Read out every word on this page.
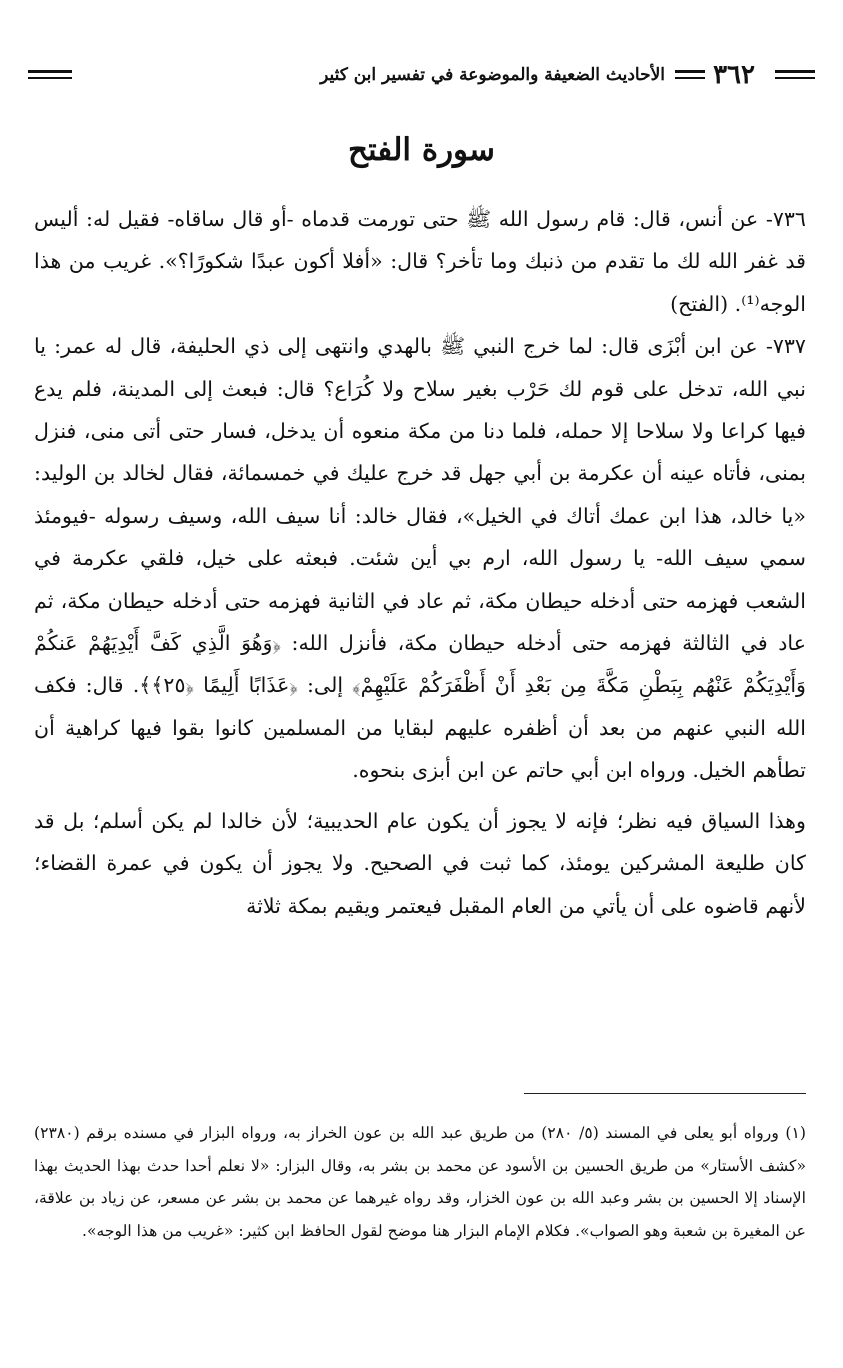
٣٦٢
الأحاديث الضعيفة والموضوعة في تفسير ابن كثير
سورة الفتح

٧٣٦- عن أنس، قال: قام رسول الله ﷺ حتى تورمت قدماه -أو قال ساقاه- فقيل له: أليس قد غفر الله لك ما تقدم من ذنبك وما تأخر؟ قال: «أفلا أكون عبدًا شكورًا؟». غريب من هذا الوجه⁽¹⁾. (الفتح)

٧٣٧- عن ابن أبْزَى قال: لما خرج النبي ﷺ بالهدي وانتهى إلى ذي الحليفة، قال له عمر: يا نبي الله، تدخل على قوم لك حَرْب بغير سلاح ولا كُرَاع؟ قال: فبعث إلى المدينة، فلم يدع فيها كراعا ولا سلاحا إلا حمله، فلما دنا من مكة منعوه أن يدخل، فسار حتى أتى منى، فنزل بمنى، فأتاه عينه أن عكرمة بن أبي جهل قد خرج عليك في خمسمائة، فقال لخالد بن الوليد: «يا خالد، هذا ابن عمك أتاك في الخيل»، فقال خالد: أنا سيف الله، وسيف رسوله -فيومئذ سمي سيف الله- يا رسول الله، ارم بي أين شئت. فبعثه على خيل، فلقي عكرمة في الشعب فهزمه حتى أدخله حيطان مكة، ثم عاد في الثانية فهزمه حتى أدخله حيطان مكة، ثم عاد في الثالثة فهزمه حتى أدخله حيطان مكة، فأنزل الله: ﴿وَهُوَ الَّذِي كَفَّ أَيْدِيَهُمْ عَنكُمْ وَأَيْدِيَكُمْ عَنْهُم بِبَطْنِ مَكَّةَ مِن بَعْدِ أَنْ أَظْفَرَكُمْ عَلَيْهِمْ﴾ إلى: ﴿عَذَابًا أَلِيمًا ﴿٢٥﴾﴾. قال: فكف الله النبي عنهم من بعد أن أظفره عليهم لبقايا من المسلمين كانوا بقوا فيها كراهية أن تطأهم الخيل. ورواه ابن أبي حاتم عن ابن أبزى بنحوه.

وهذا السياق فيه نظر؛ فإنه لا يجوز أن يكون عام الحديبية؛ لأن خالدا لم يكن أسلم؛ بل قد كان طليعة المشركين يومئذ، كما ثبت في الصحيح. ولا يجوز أن يكون في عمرة القضاء؛ لأنهم قاضوه على أن يأتي من العام المقبل فيعتمر ويقيم بمكة ثلاثة

(١) ورواه أبو يعلى في المسند (٥/ ٢٨٠) من طريق عبد الله بن عون الخراز به، ورواه البزار في مسنده برقم (٢٣٨٠) «كشف الأستار» من طريق الحسين بن الأسود عن محمد بن بشر به، وقال البزار: «لا نعلم أحدا حدث بهذا الحديث بهذا الإسناد إلا الحسين بن بشر وعبد الله بن عون الخزار، وقد رواه غيرهما عن محمد بن بشر عن مسعر، عن زياد بن علاقة، عن المغيرة بن شعبة وهو الصواب». فكلام الإمام البزار هنا موضح لقول الحافظ ابن كثير: «غريب من هذا الوجه».
